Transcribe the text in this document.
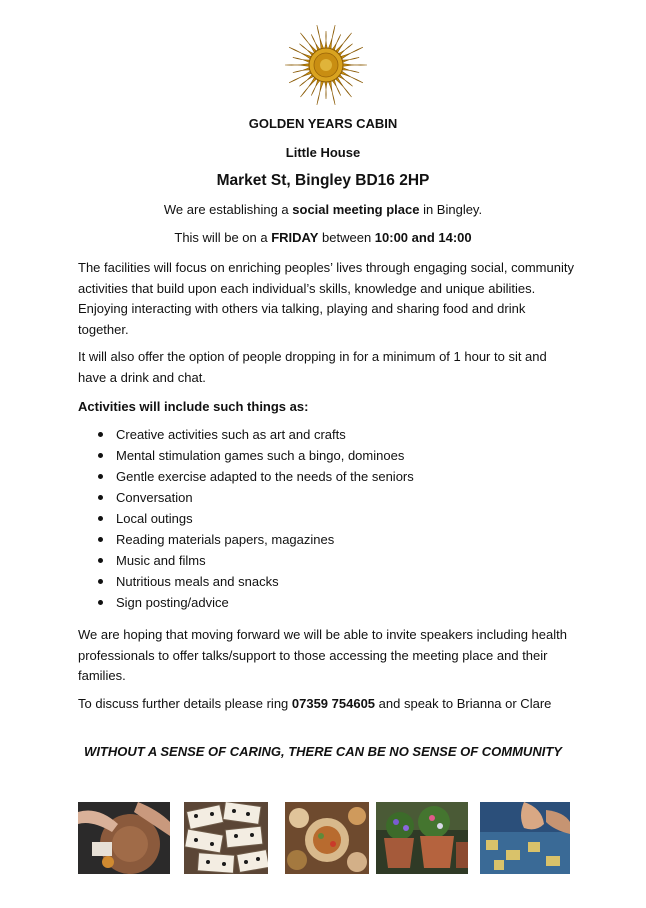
GOLDEN YEARS CABIN
Little House
Market St, Bingley BD16 2HP
We are establishing a social meeting place in Bingley.
This will be on a FRIDAY between 10:00 and 14:00
The facilities will focus on enriching peoples’ lives through engaging social, community activities that build upon each individual’s skills, knowledge and unique abilities. Enjoying interacting with others via talking, playing and sharing food and drink together.
It will also offer the option of people dropping in for a minimum of 1 hour to sit and have a drink and chat.
Activities will include such things as:
Creative activities such as art and crafts
Mental stimulation games such a bingo, dominoes
Gentle exercise adapted to the needs of the seniors
Conversation
Local outings
Reading materials papers, magazines
Music and films
Nutritious meals and snacks
Sign posting/advice
We are hoping that moving forward we will be able to invite speakers including health professionals to offer talks/support to those accessing the meeting place and their families.
To discuss further details please ring 07359 754605 and speak to Brianna or Clare
WITHOUT A SENSE OF CARING, THERE CAN BE NO SENSE OF COMMUNITY
